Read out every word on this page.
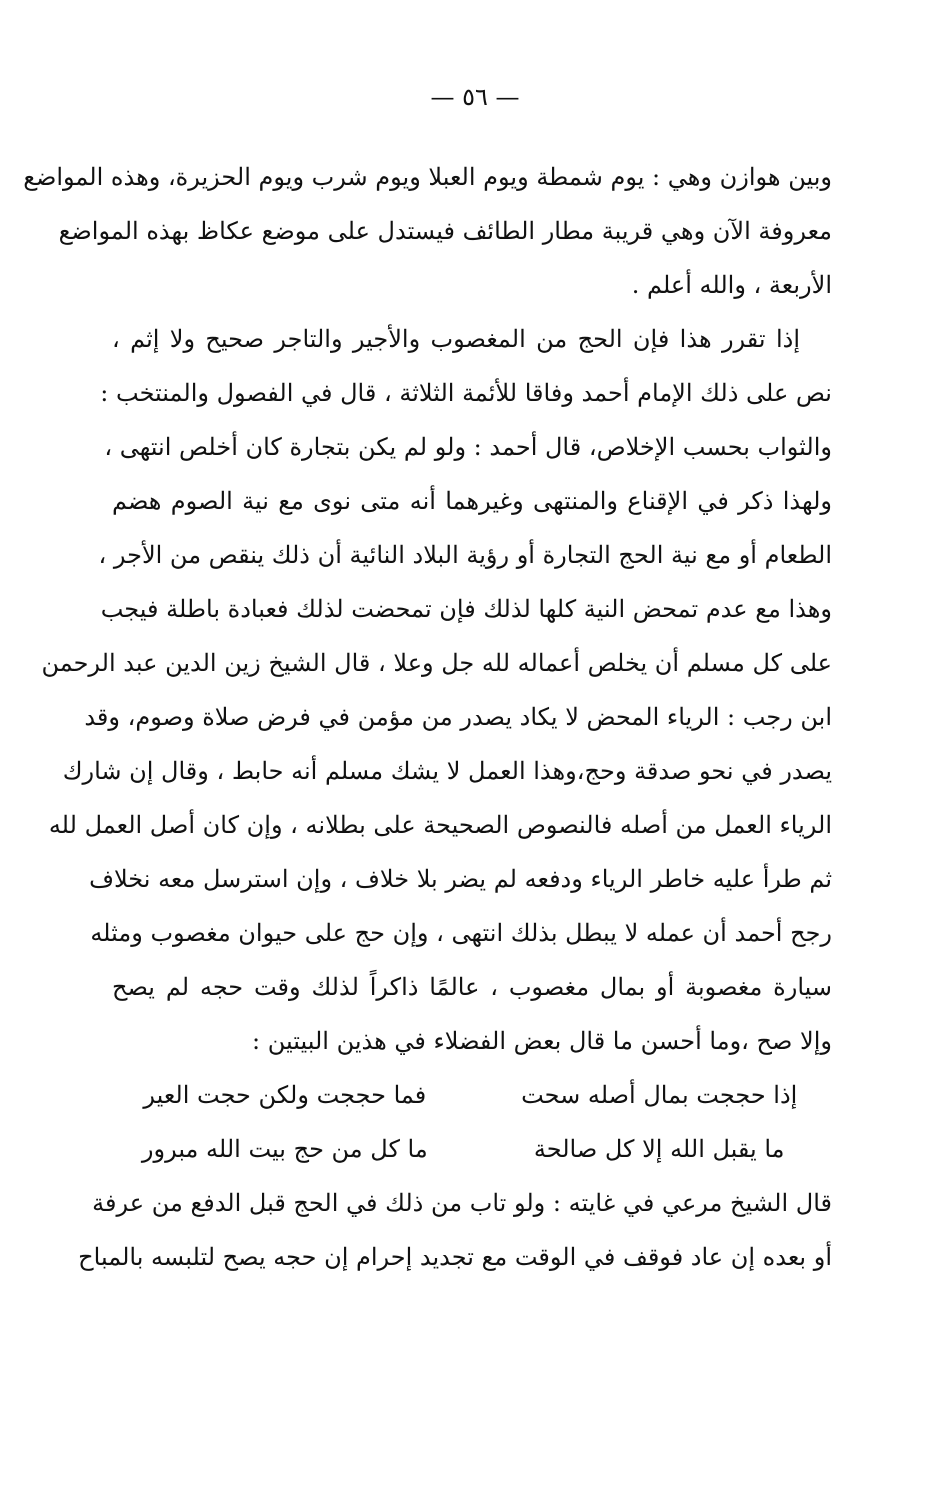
— ٥٦ —
وبين هوازن وهي : يوم شمطة ويوم العبلا ويوم شرب ويوم الحزيرة، وهذه المواضع
معروفة الآن وهي قريبة مطار الطائف فيستدل على موضع عكاظ بهذه المواضع
الأربعة ، والله أعلم .
إذا تقرر هذا فإن الحج من المغصوب والأجير والتاجر صحيح ولا إثم ،
نص على ذلك الإمام أحمد وفاقا للأئمة الثلاثة ، قال في الفصول والمنتخب :
والثواب بحسب الإخلاص، قال أحمد : ولو لم يكن بتجارة كان أخلص انتهى ،
ولهذا ذكر في الإقناع والمنتهى وغيرهما أنه متى نوى مع نية الصوم هضم
الطعام أو مع نية الحج التجارة أو رؤية البلاد النائية أن ذلك ينقص من الأجر ،
وهذا مع عدم تمحض النية كلها لذلك فإن تمحضت لذلك فعبادة باطلة فيجب
على كل مسلم أن يخلص أعماله لله جل وعلا ، قال الشيخ زين الدين عبد الرحمن
ابن رجب : الرياء المحض لا يكاد يصدر من مؤمن في فرض صلاة وصوم، وقد
يصدر في نحو صدقة وحج،وهذا العمل لا يشك مسلم أنه حابط ، وقال إن شارك
الرياء العمل من أصله فالنصوص الصحيحة على بطلانه ، وإن كان أصل العمل لله
ثم طرأ عليه خاطر الرياء ودفعه لم يضر بلا خلاف ، وإن استرسل معه نخلاف
رجح أحمد أن عمله لا يبطل بذلك انتهى ، وإن حج على حيوان مغصوب ومثله
سيارة مغصوبة أو بمال مغصوب ، عالمًا ذاكراً لذلك وقت حجه لم يصح
وإلا صح ،وما أحسن ما قال بعض الفضلاء في هذين البيتين :
إذا حججت بمال أصله سحت
فما حججت ولكن حجت العير
ما يقبل الله إلا كل صالحة
ما كل من حج بيت الله مبرور
قال الشيخ مرعي في غايته : ولو تاب من ذلك في الحج قبل الدفع من عرفة
أو بعده إن عاد فوقف في الوقت مع تجديد إحرام إن حجه يصح لتلبسه بالمباح
